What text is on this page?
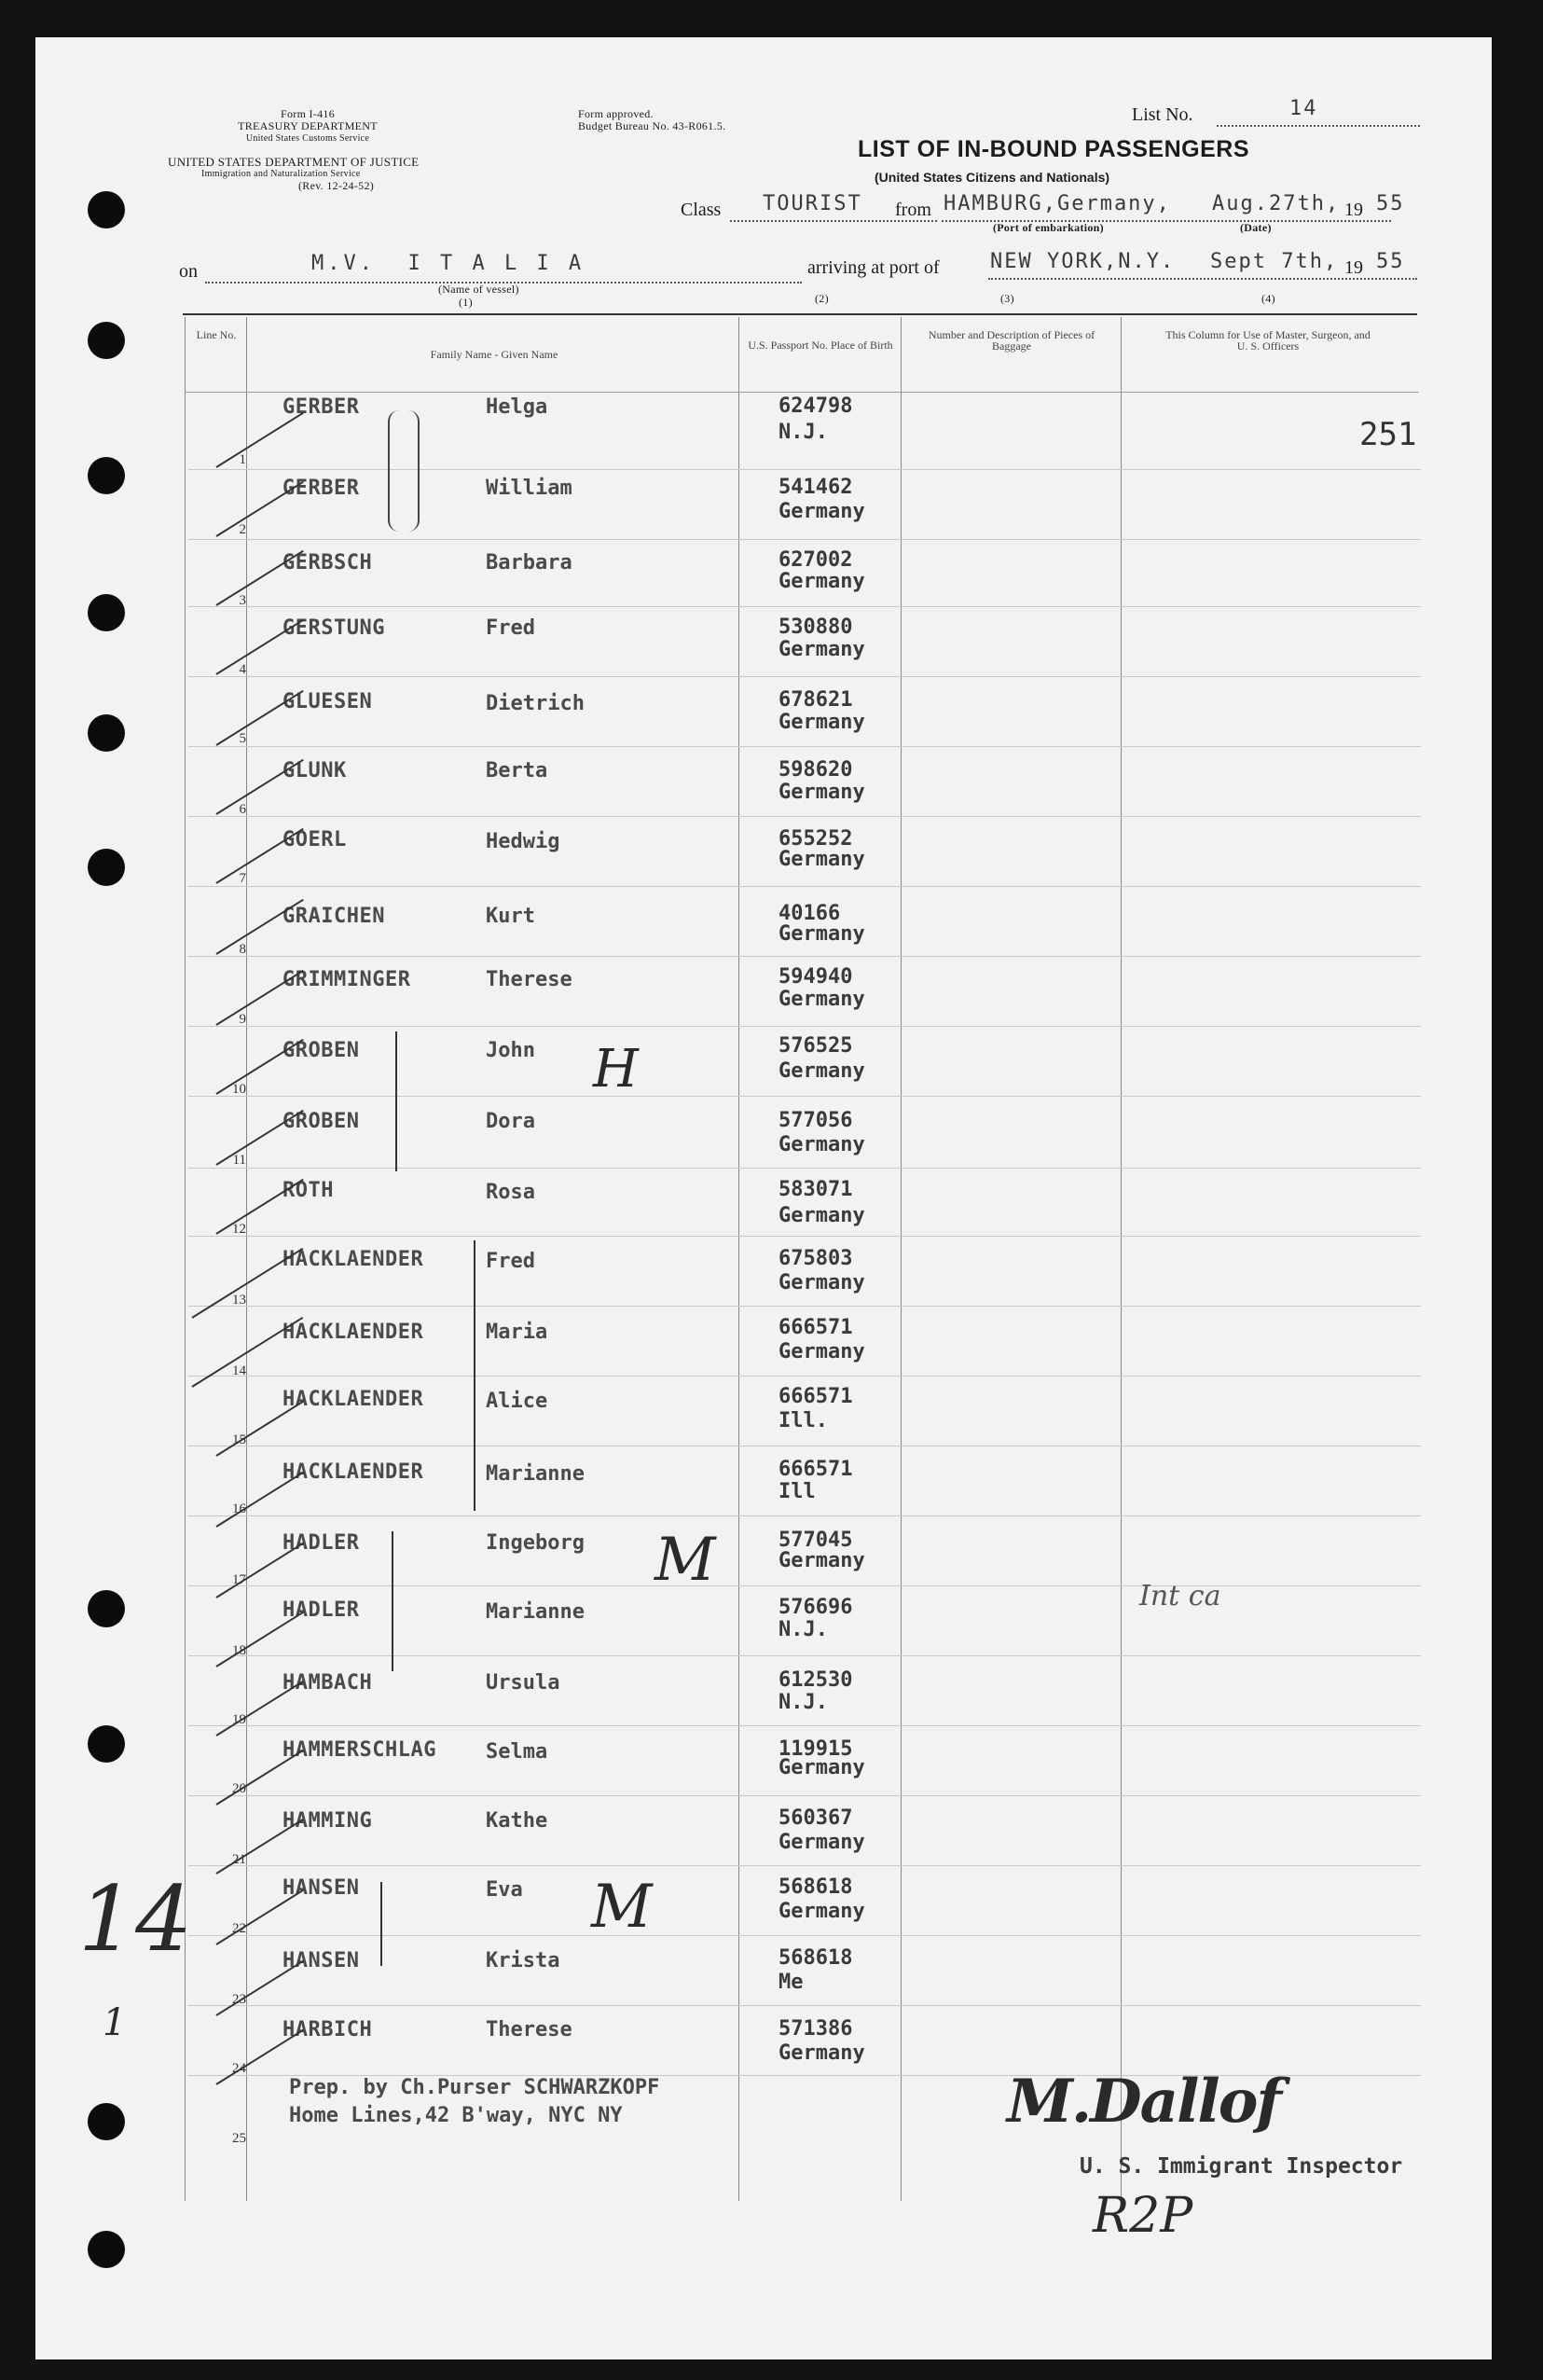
Form I-416
TREASURY DEPARTMENT
United States Customs Service
UNITED STATES DEPARTMENT OF JUSTICE
Immigration and Naturalization Service
(Rev. 12-24-52)
Form approved.
Budget Bureau No. 43-R061.5.
List No.	14
LIST OF IN-BOUND PASSENGERS
(United States Citizens and Nationals)
Class TOURIST from HAMBURG,Germany, Aug.27th, 19 55
(Port of embarkation)	(Date)
on	M.V.  I T A L I A
(Name of vessel)
(1)
arriving at port of NEW YORK,N.Y. Sept 7th, 19 55
(2)	(3)	(4)
Line No.
Family Name - Given Name
U.S. Passport No. Place of Birth
Number and Description of Pieces of Baggage
This Column for Use of Master, Surgeon, and U. S. Officers
1
GERBER	Helga	624798
N.J.
2
GERBER	William	541462
Germany
3
GERBSCH	Barbara	627002
Germany
4
GERSTUNG	Fred	530880
Germany
5
GLUESEN	Dietrich	678621
Germany
6
GLUNK	Berta	598620
Germany
7
GOERL	Hedwig	655252
Germany
8
GRAICHEN	Kurt	40166
Germany
9
GRIMMINGER	Therese	594940
Germany
10
GROBEN	John	576525
Germany
11
GROBEN	Dora	577056
Germany
12
ROTH	Rosa	583071
Germany
13
HACKLAENDER	Fred	675803
Germany
14
HACKLAENDER	Maria	666571
Germany
15
HACKLAENDER	Alice	666571
Ill.
16
HACKLAENDER	Marianne	666571
Ill
17
HADLER	Ingeborg	577045
Germany
18
HADLER	Marianne	576696
N.J.
19
HAMBACH	Ursula	612530
N.J.
20
HAMMERSCHLAG Selma	119915
Germany
21
HAMMING	Kathe	560367
Germany
22
HANSEN	Eva	568618
Germany
23
HANSEN	Krista	568618
Me
24
HARBICH	Therese	571386
Germany
25
Prep. by Ch.Purser SCHWARZKOPF
Home Lines,42 B'way, NYC NY
251
H
M
M
14
1
Int ca
M.Dallof
U. S. Immigrant Inspector
R2P
